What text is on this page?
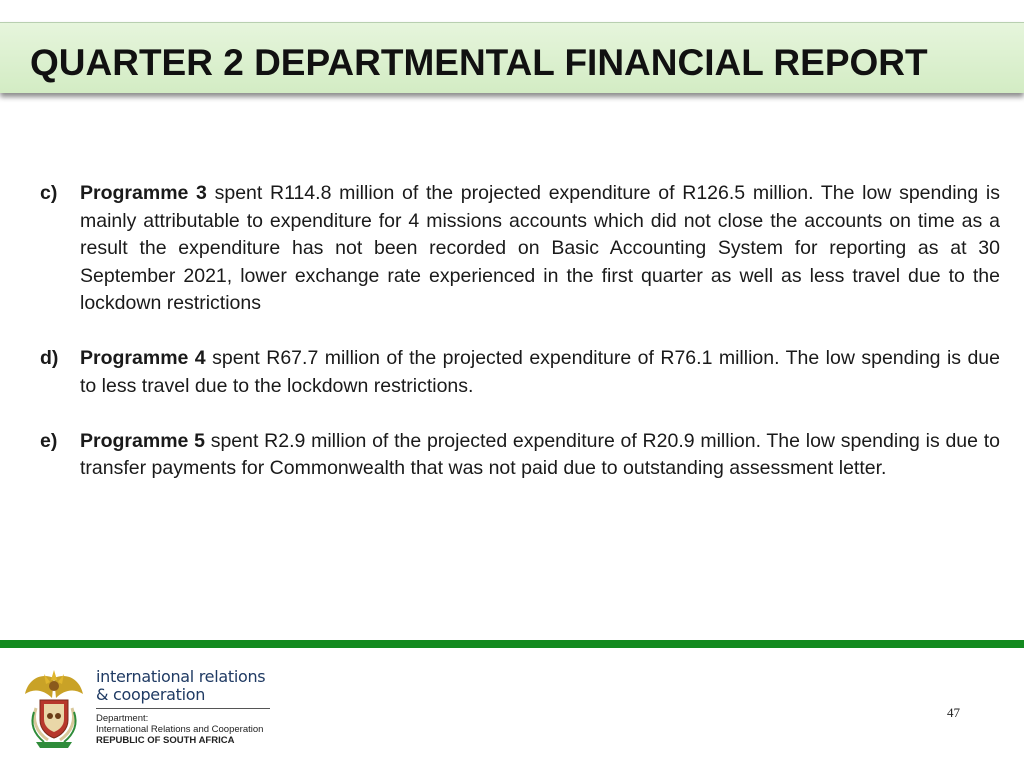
QUARTER 2 DEPARTMENTAL FINANCIAL REPORT
c) Programme 3 spent R114.8 million of the projected expenditure of R126.5 million. The low spending is mainly attributable to expenditure for 4 missions accounts which did not close the accounts on time as a result the expenditure has not been recorded on Basic Accounting System for reporting as at 30 September 2021, lower exchange rate experienced in the first quarter as well as less travel due to the lockdown restrictions
d) Programme 4 spent R67.7 million of the projected expenditure of R76.1 million. The low spending is due to less travel due to the lockdown restrictions.
e) Programme 5 spent R2.9 million of the projected expenditure of R20.9 million. The low spending is due to transfer payments for Commonwealth that was not paid due to outstanding assessment letter.
international relations
& cooperation
Department:
International Relations and Cooperation
REPUBLIC OF SOUTH AFRICA
47
